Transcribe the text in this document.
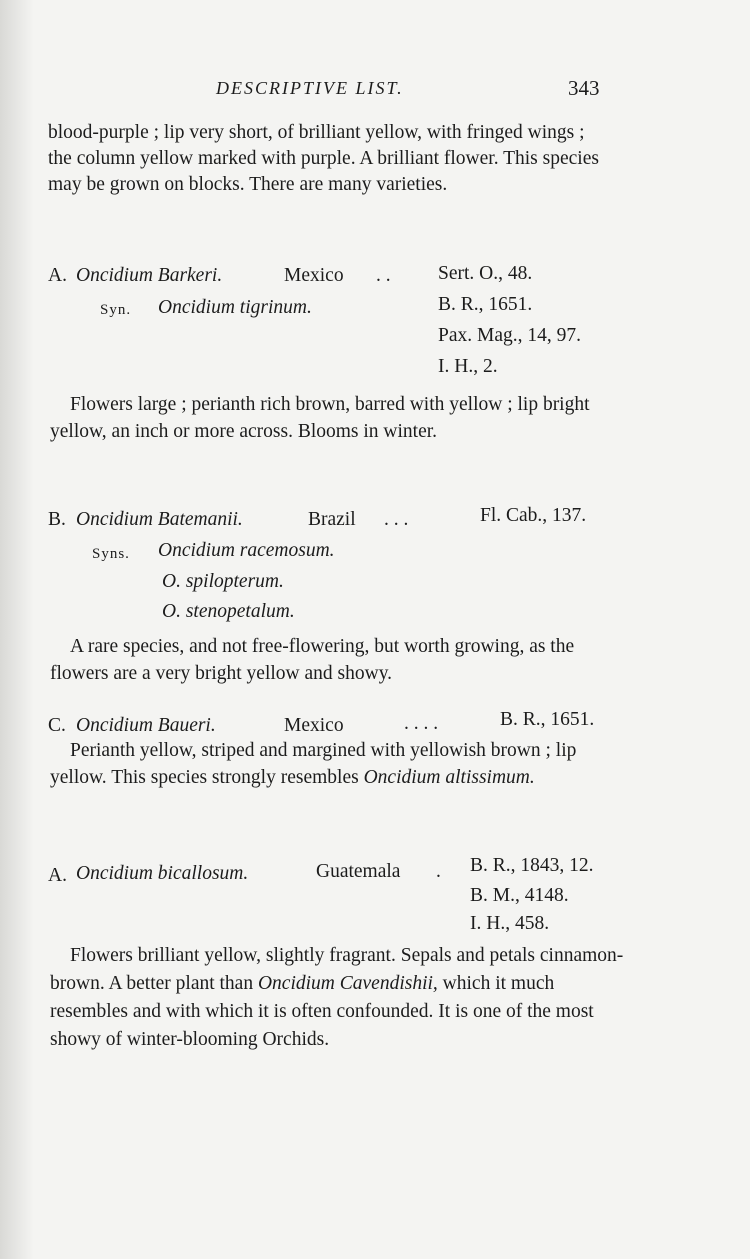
DESCRIPTIVE LIST.	343
blood-purple ; lip very short, of brilliant yellow, with fringed wings ; the column yellow marked with purple. A brilliant flower. This species may be grown on blocks. There are many varieties.
A. Oncidium Barkeri.	Mexico . . Sert. O., 48.
Syn. Oncidium tigrinum.	B. R., 1651.
Pax. Mag., 14, 97.
I. H., 2.
Flowers large ; perianth rich brown, barred with yellow ; lip bright yellow, an inch or more across. Blooms in winter.
B. Oncidium Batemanii.	Brazil . . .	Fl. Cab., 137.
Syns. Oncidium racemosum.
O. spilopterum.
O. stenopetalum.
A rare species, and not free-flowering, but worth growing, as the flowers are a very bright yellow and showy.
C. Oncidium Baueri.	Mexico	. . . .	B. R., 1651.
Perianth yellow, striped and margined with yellowish brown ; lip yellow. This species strongly resembles Oncidium altissimum.
A. Oncidium bicallosum.	Guatemala . B. R., 1843, 12.
B. M., 4148.
I. H., 458.
Flowers brilliant yellow, slightly fragrant. Sepals and petals cinnamon-brown. A better plant than Oncidium Cavendishii, which it much resembles and with which it is often confounded. It is one of the most showy of winter-blooming Orchids.
